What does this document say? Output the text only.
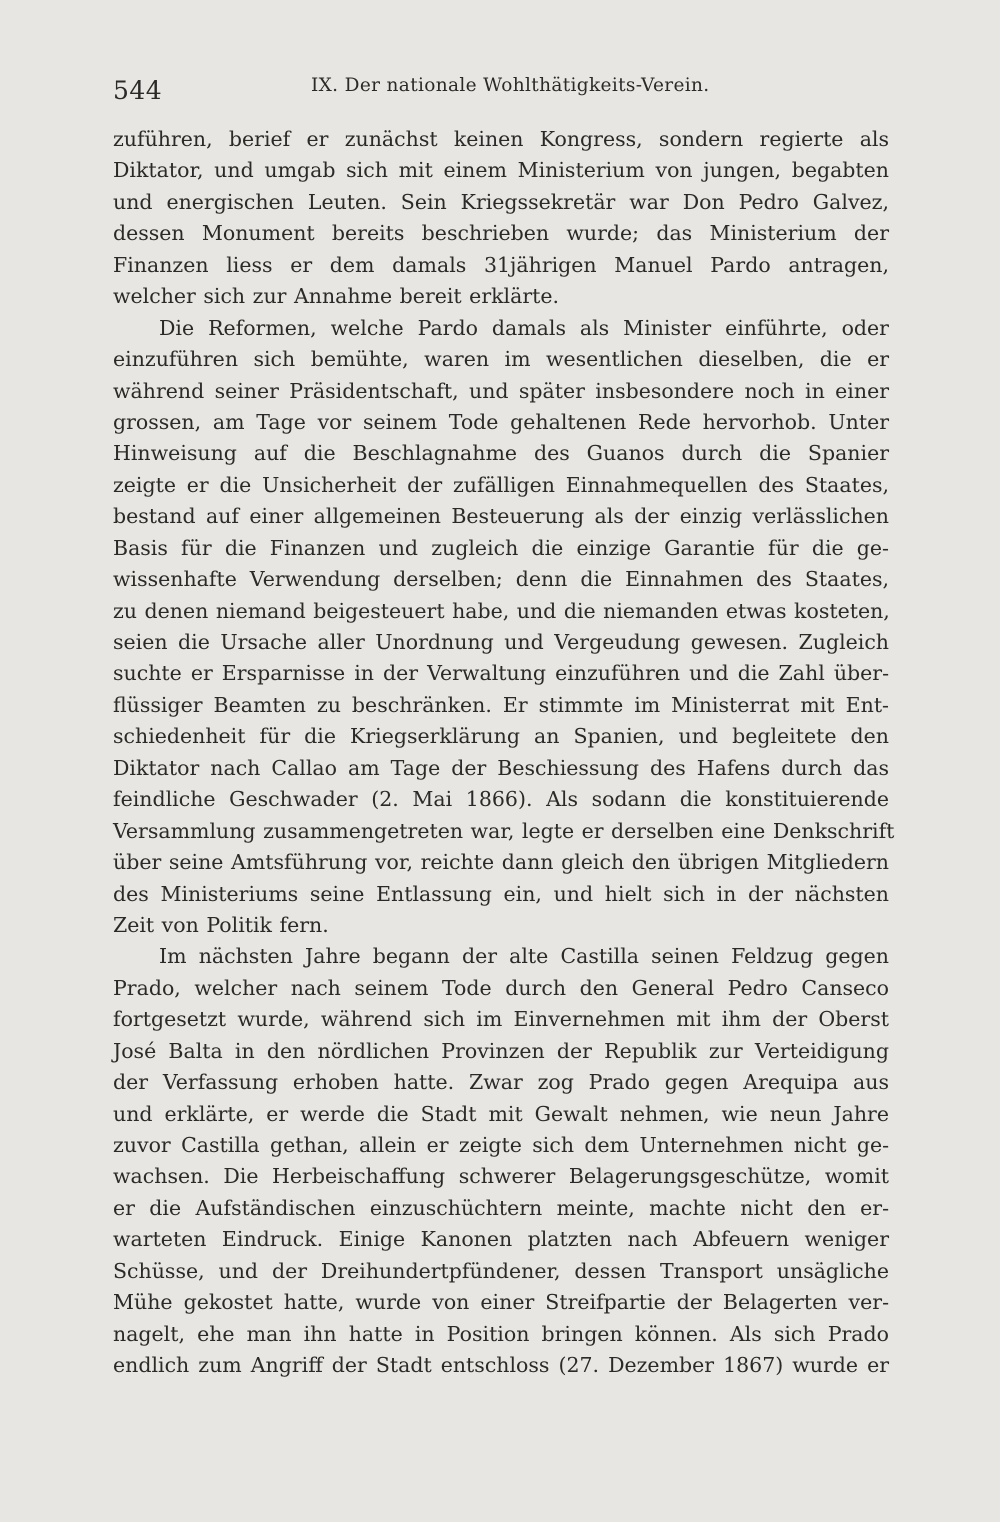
544	IX. Der nationale Wohlthätigkeits-Verein.
zuführen, berief er zunächst keinen Kongress, sondern regierte als
Diktator, und umgab sich mit einem Ministerium von jungen, begabten
und energischen Leuten. Sein Kriegssekretär war Don Pedro Galvez,
dessen Monument bereits beschrieben wurde; das Ministerium der
Finanzen liess er dem damals 31jährigen Manuel Pardo antragen,
welcher sich zur Annahme bereit erklärte.
Die Reformen, welche Pardo damals als Minister einführte, oder
einzuführen sich bemühte, waren im wesentlichen dieselben, die er
während seiner Präsidentschaft, und später insbesondere noch in einer
grossen, am Tage vor seinem Tode gehaltenen Rede hervorhob. Unter
Hinweisung auf die Beschlagnahme des Guanos durch die Spanier
zeigte er die Unsicherheit der zufälligen Einnahmequellen des Staates,
bestand auf einer allgemeinen Besteuerung als der einzig verlässlichen
Basis für die Finanzen und zugleich die einzige Garantie für die ge-
wissenhafte Verwendung derselben; denn die Einnahmen des Staates,
zu denen niemand beigesteuert habe, und die niemanden etwas kosteten,
seien die Ursache aller Unordnung und Vergeudung gewesen. Zugleich
suchte er Ersparnisse in der Verwaltung einzuführen und die Zahl über-
flüssiger Beamten zu beschränken. Er stimmte im Ministerrat mit Ent-
schiedenheit für die Kriegserklärung an Spanien, und begleitete den
Diktator nach Callao am Tage der Beschiessung des Hafens durch das
feindliche Geschwader (2. Mai 1866). Als sodann die konstituierende
Versammlung zusammengetreten war, legte er derselben eine Denkschrift
über seine Amtsführung vor, reichte dann gleich den übrigen Mitgliedern
des Ministeriums seine Entlassung ein, und hielt sich in der nächsten
Zeit von Politik fern.
Im nächsten Jahre begann der alte Castilla seinen Feldzug gegen
Prado, welcher nach seinem Tode durch den General Pedro Canseco
fortgesetzt wurde, während sich im Einvernehmen mit ihm der Oberst
José Balta in den nördlichen Provinzen der Republik zur Verteidigung
der Verfassung erhoben hatte. Zwar zog Prado gegen Arequipa aus
und erklärte, er werde die Stadt mit Gewalt nehmen, wie neun Jahre
zuvor Castilla gethan, allein er zeigte sich dem Unternehmen nicht ge-
wachsen. Die Herbeischaffung schwerer Belagerungsgeschütze, womit
er die Aufständischen einzuschüchtern meinte, machte nicht den er-
warteten Eindruck. Einige Kanonen platzten nach Abfeuern weniger
Schüsse, und der Dreihundertpfündener, dessen Transport unsägliche
Mühe gekostet hatte, wurde von einer Streifpartie der Belagerten ver-
nagelt, ehe man ihn hatte in Position bringen können. Als sich Prado
endlich zum Angriff der Stadt entschloss (27. Dezember 1867) wurde er
